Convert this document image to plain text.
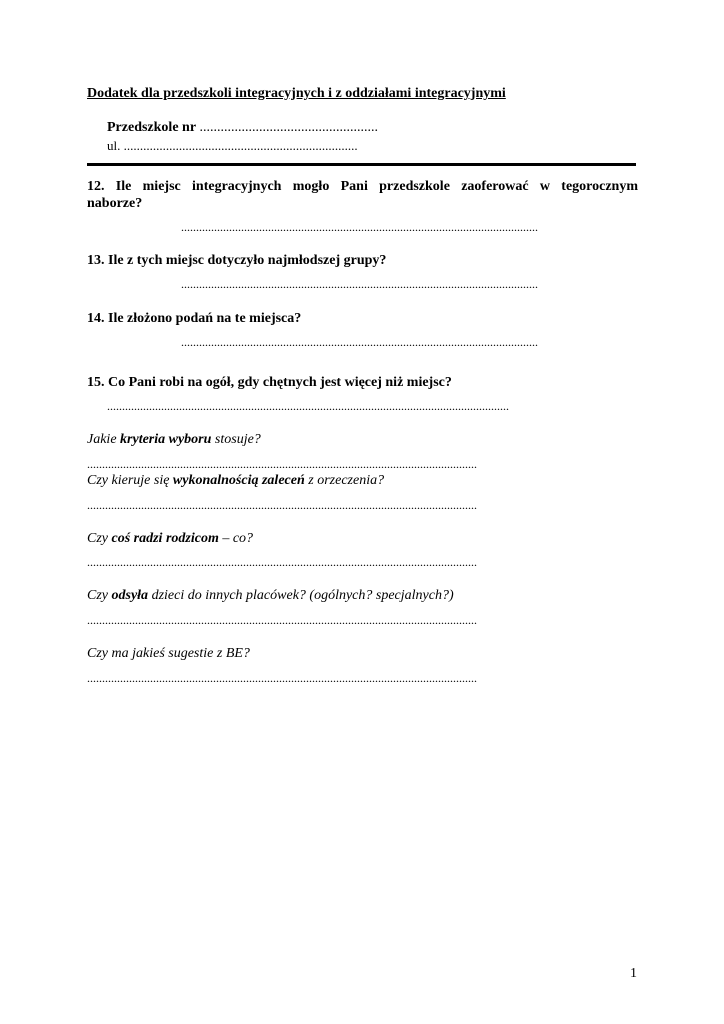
Dodatek dla przedszkoli integracyjnych i z oddziałami integracyjnymi
Przedszkole nr ...................................................
ul. ........................................................................
12. Ile miejsc integracyjnych mogło Pani przedszkole zaoferować w tegorocznym
naborze?
.......................................................................................................................
13. Ile z tych miejsc dotyczyło najmłodszej grupy?
.......................................................................................................................
14. Ile złożono podań na te miejsca?
.......................................................................................................................
15. Co Pani robi na ogół, gdy chętnych jest więcej niż miejsc?
......................................................................................................................................
Jakie kryteria wyboru stosuje?
..................................................................................................................................
Czy kieruje się wykonalnością zaleceń z orzeczenia?
..................................................................................................................................
Czy coś radzi rodzicom – co?
..................................................................................................................................
Czy odsyła dzieci do innych placówek? (ogólnych? specjalnych?)
..................................................................................................................................
Czy ma jakieś sugestie z BE?
..................................................................................................................................
1
